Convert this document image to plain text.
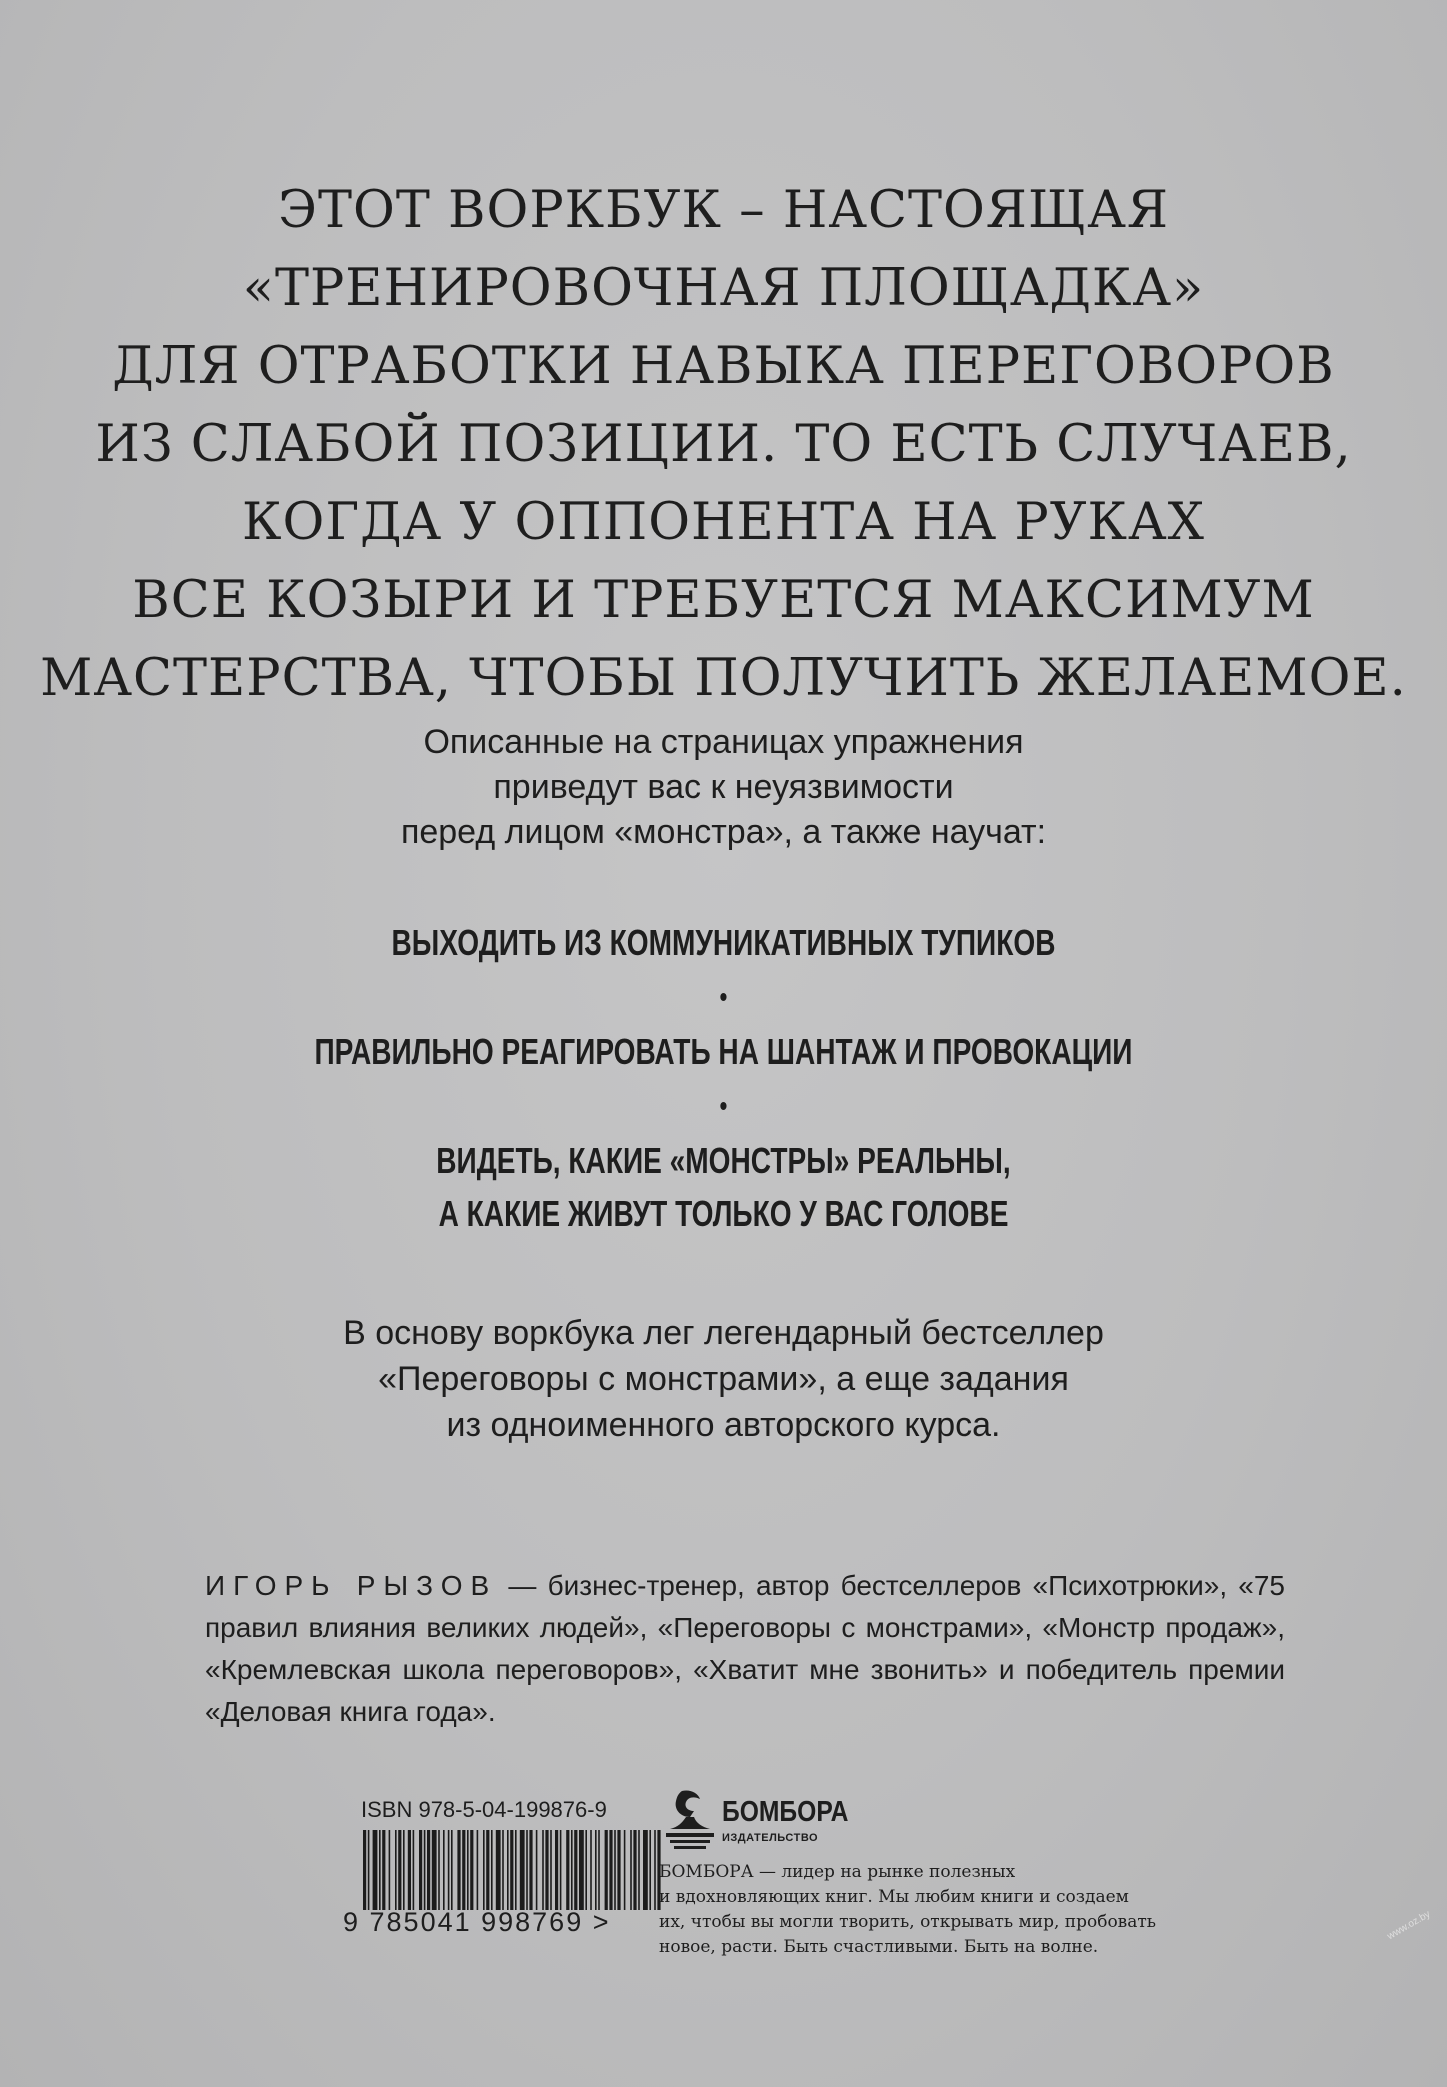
ЭТОТ ВОРКБУК – НАСТОЯЩАЯ
«ТРЕНИРОВОЧНАЯ ПЛОЩАДКА»
ДЛЯ ОТРАБОТКИ НАВЫКА ПЕРЕГОВОРОВ
ИЗ СЛАБОЙ ПОЗИЦИИ. ТО ЕСТЬ СЛУЧАЕВ,
КОГДА У ОППОНЕНТА НА РУКАХ
ВСЕ КОЗЫРИ И ТРЕБУЕТСЯ МАКСИМУМ
МАСТЕРСТВА, ЧТОБЫ ПОЛУЧИТЬ ЖЕЛАЕМОЕ.
Описанные на страницах упражнения
приведут вас к неуязвимости
перед лицом «монстра», а также научат:
ВЫХОДИТЬ ИЗ КОММУНИКАТИВНЫХ ТУПИКОВ
•
ПРАВИЛЬНО РЕАГИРОВАТЬ НА ШАНТАЖ И ПРОВОКАЦИИ
•
ВИДЕТЬ, КАКИЕ «МОНСТРЫ» РЕАЛЬНЫ,
А КАКИЕ ЖИВУТ ТОЛЬКО У ВАС ГОЛОВЕ
В основу воркбука лег легендарный бестселлер
«Переговоры с монстрами», а еще задания
из одноименного авторского курса.
ИГОРЬ РЫЗОВ — бизнес-тренер, автор бестселлеров «Психотрюки», «75 правил влияния великих людей», «Переговоры с монстрами», «Монстр продаж», «Кремлевская школа переговоров», «Хватит мне звонить» и победитель премии «Деловая книга года».
ISBN 978-5-04-199876-9
9 785041 998769 >
БОМБОРА
ИЗДАТЕЛЬСТВО
БОМБОРА — лидер на рынке полезных
и вдохновляющих книг. Мы любим книги и создаем
их, чтобы вы могли творить, открывать мир, пробовать
новое, расти. Быть счастливыми. Быть на волне.
www.oz.by
